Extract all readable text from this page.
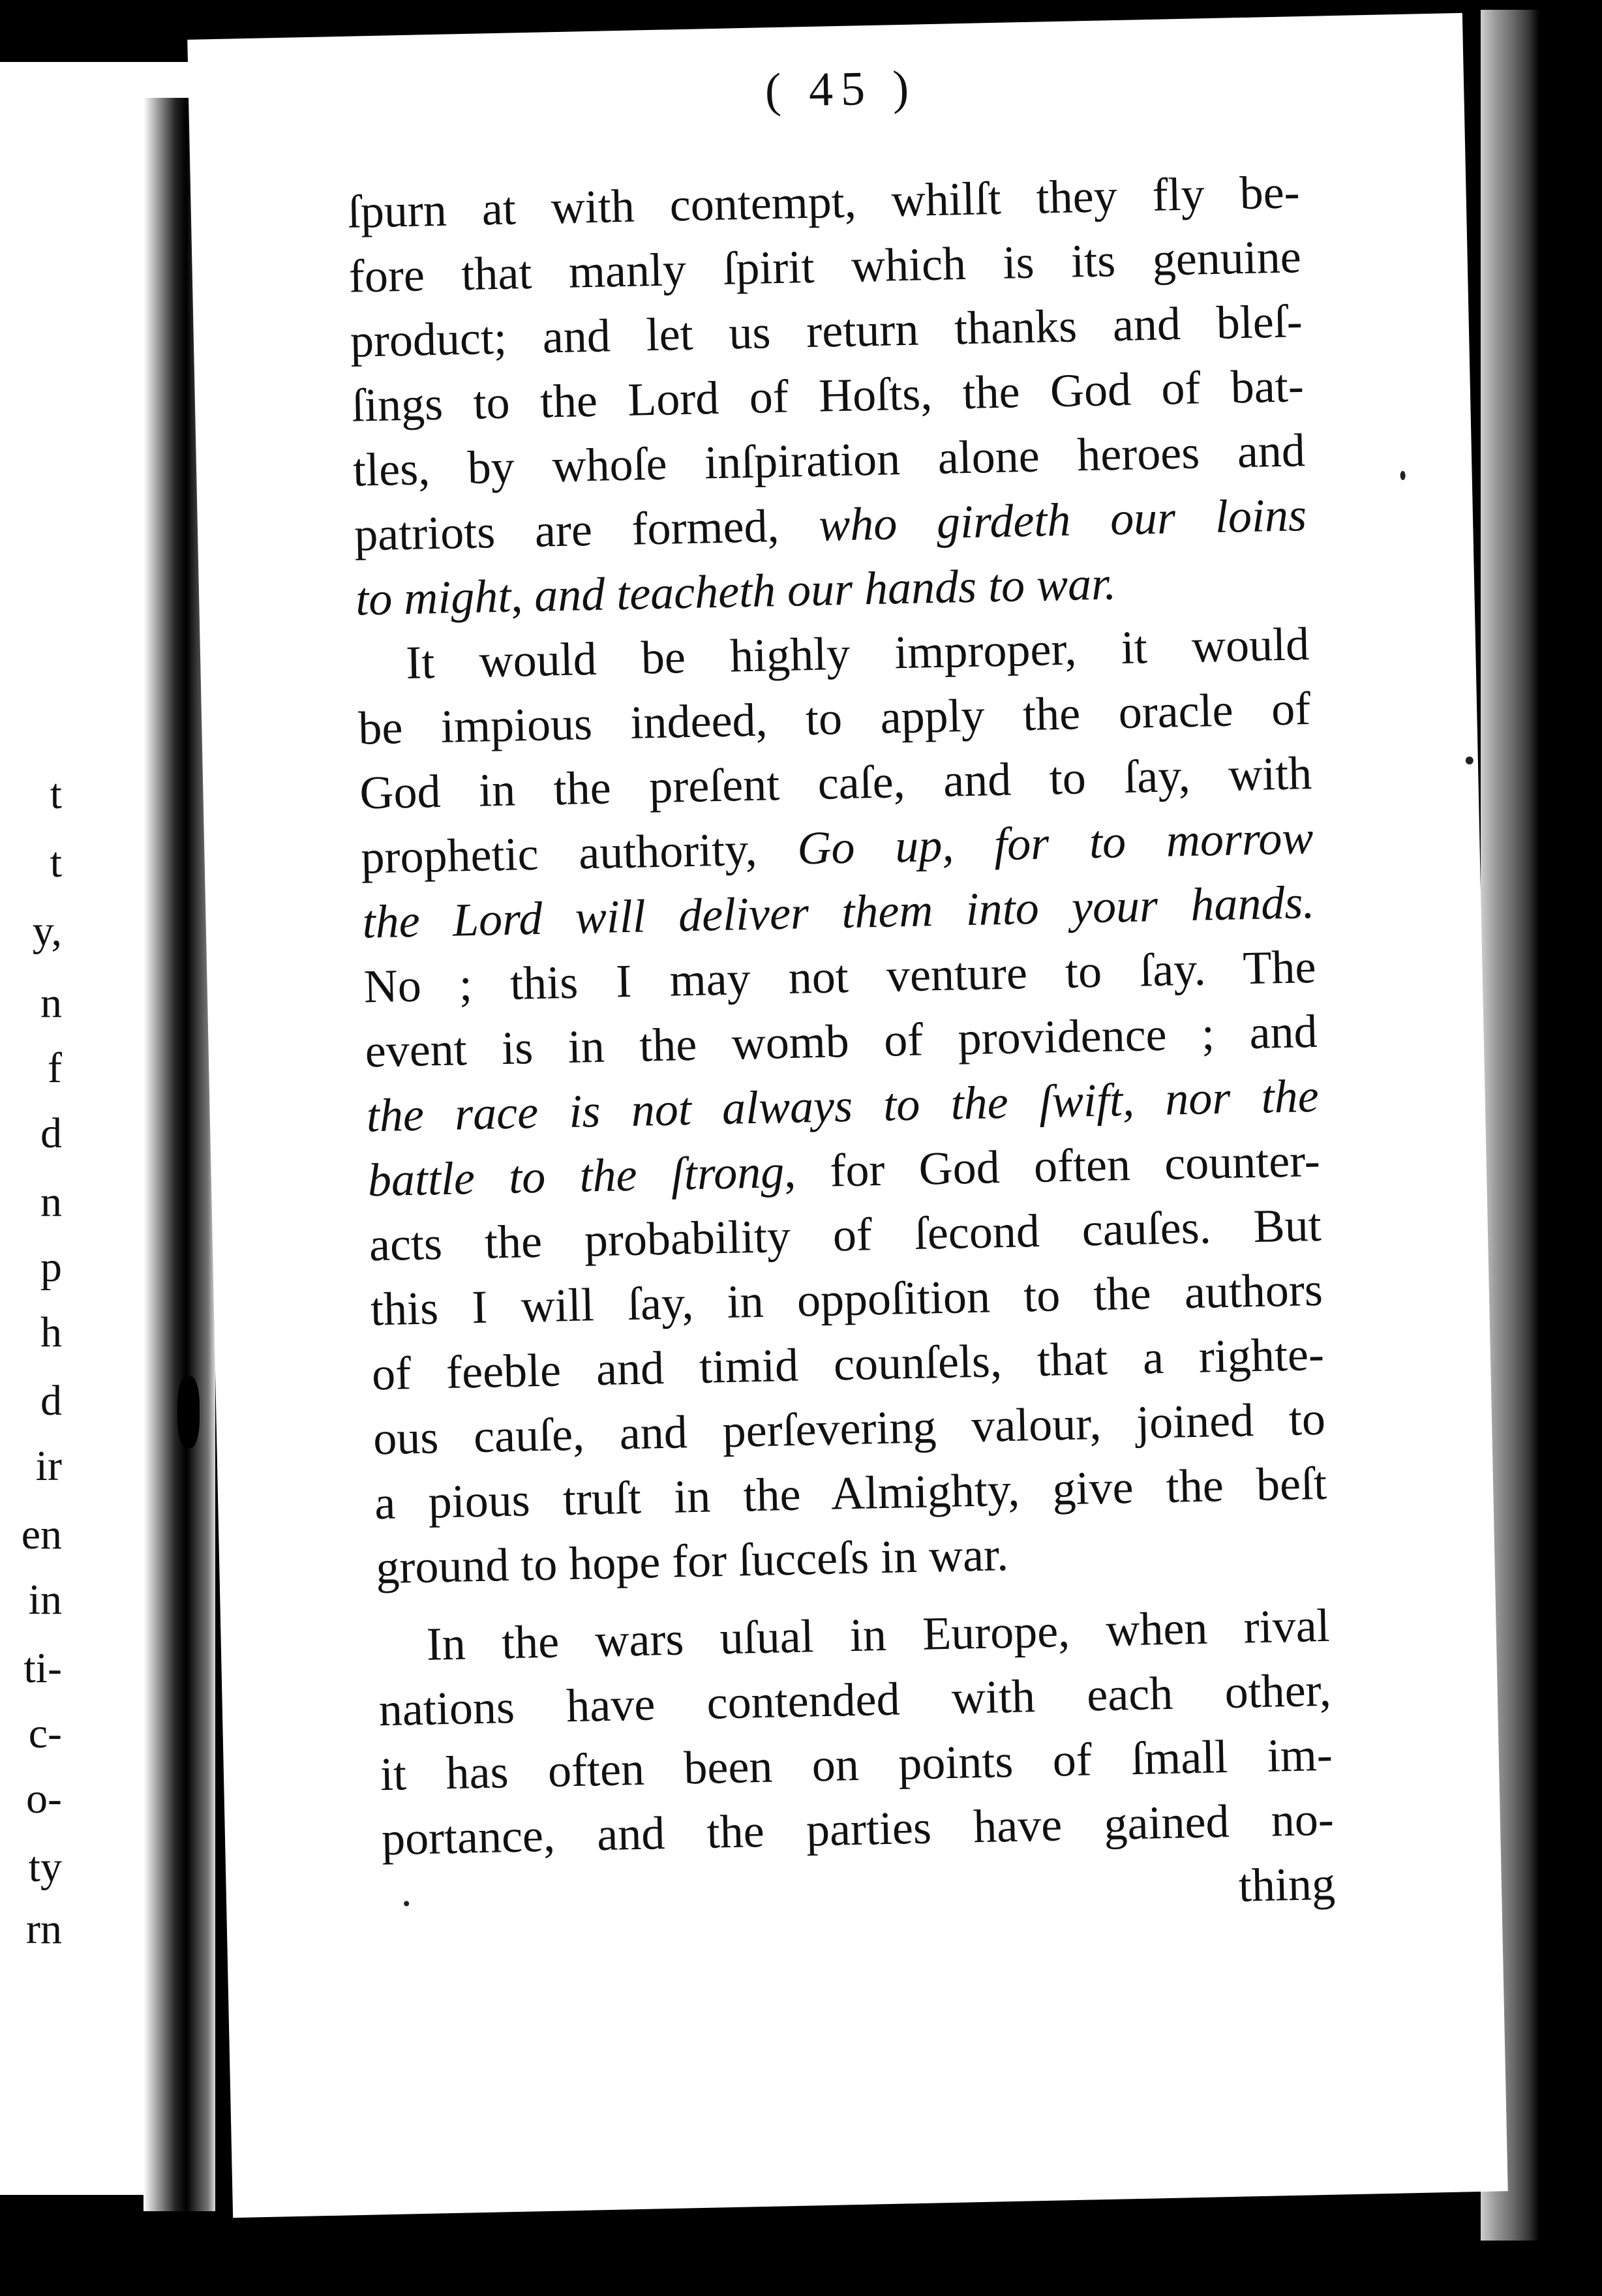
t
t
y,
n
f
d
n
p
h
d
ir
en
in
ti-
c-
o-
ty
rn
( 45 )
ſpurn at with contempt, whilſt they fly be-
fore that manly ſpirit which is its genuine
product; and let us return thanks and bleſ-
ſings to the Lord of Hoſts, the God of bat-
tles, by whoſe inſpiration alone heroes and
patriots are formed, who girdeth our loins
to might, and teacheth our hands to war.
It would be highly improper, it would
be impious indeed, to apply the oracle of
God in the preſent caſe, and to ſay, with
prophetic authority, Go up, for to morrow
the Lord will deliver them into your hands.
No ; this I may not venture to ſay. The
event is in the womb of providence ; and
the race is not always to the ſwift, nor the
battle to the ſtrong, for God often counter-
acts the probability of ſecond cauſes. But
this I will ſay, in oppoſition to the authors
of feeble and timid counſels, that a righte-
ous cauſe, and perſevering valour, joined to
a pious truſt in the Almighty, give the beſt
ground to hope for ſucceſs in war.
In the wars uſual in Europe, when rival
nations have contended with each other,
it has often been on points of ſmall im-
portance, and the parties have gained no-
thing
